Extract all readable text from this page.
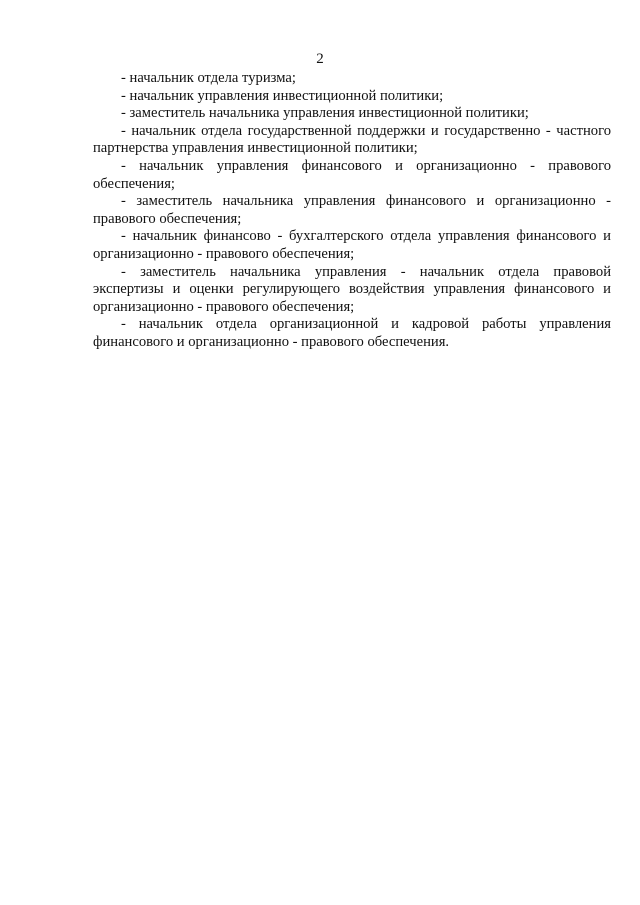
2

- начальник отдела туризма;

- начальник управления инвестиционной политики;

- заместитель начальника управления инвестиционной политики;

- начальник отдела государственной поддержки и государственно - частного партнерства управления инвестиционной политики;

- начальник управления финансового и организационно - правового обеспечения;

- заместитель начальника управления финансового и организационно - правового обеспечения;

- начальник финансово - бухгалтерского отдела управления финансового и организационно - правового обеспечения;

- заместитель начальника управления - начальник отдела правовой экспертизы и оценки регулирующего воздействия управления финансового и организационно - правового обеспечения;

- начальник отдела организационной и кадровой работы управления финансового и организационно - правового обеспечения.
